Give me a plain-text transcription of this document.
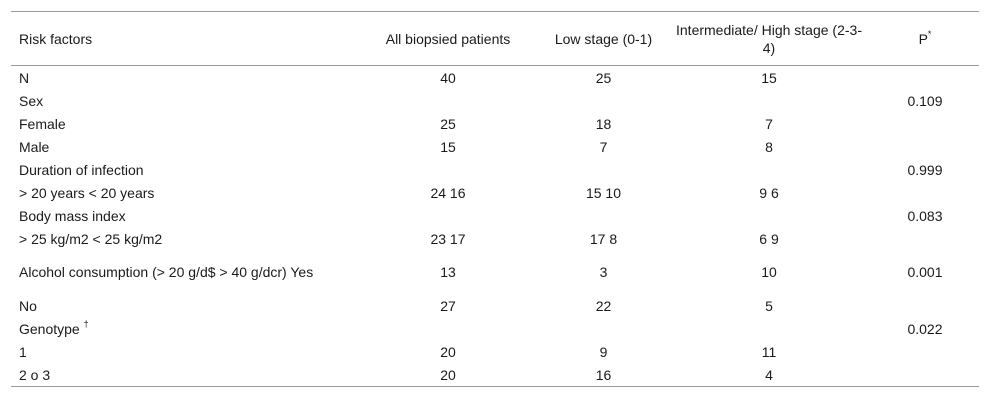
Risk factors	All biopsied patients	Low stage (0-1)	Intermediate/ High stage (2-3-4)	P*
N	40	25	15	
Sex				0.109
Female	25	18	7	
Male	15	7	8	
Duration of infection				0.999
> 20 years < 20 years	24 16	15 10	9 6	
Body mass index				0.083
> 25 kg/m2 < 25 kg/m2	23 17	17 8	6 9	
Alcohol consumption (> 20 g/d$ > 40 g/dcr) Yes	13	3	10	0.001
No	27	22	5	
Genotype †				0.022
1	20	9	11	
2 o 3	20	16	4	
